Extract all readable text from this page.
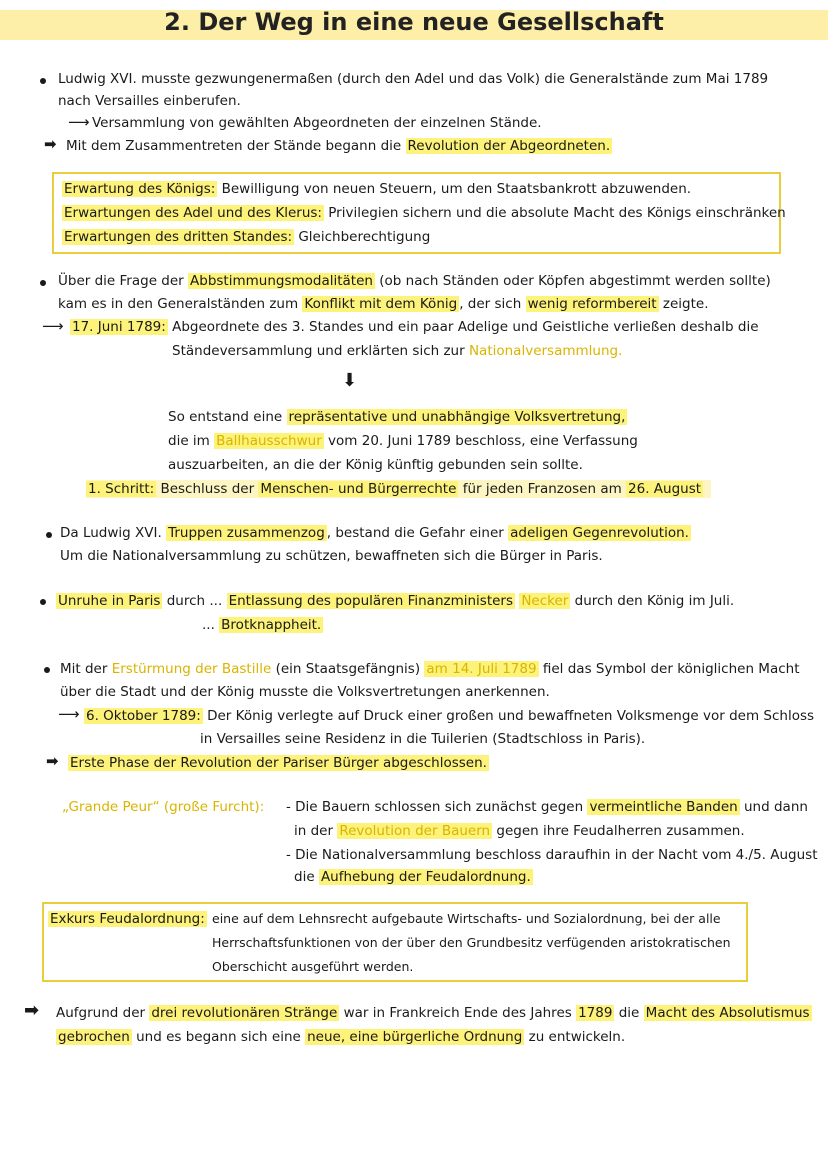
2. Der Weg in eine neue Gesellschaft
Ludwig XVI. musste gezwungenermaßen (durch den Adel und das Volk) die Generalstände zum Mai 1789
nach Versailles einberufen.
⟶ Versammlung von gewählten Abgeordneten der einzelnen Stände.
➡ Mit dem Zusammentreten der Stände begann die Revolution der Abgeordneten.
Erwartung des Königs: Bewilligung von neuen Steuern, um den Staatsbankrott abzuwenden.
Erwartungen des Adel und des Klerus: Privilegien sichern und die absolute Macht des Königs einschränken
Erwartungen des dritten Standes: Gleichberechtigung
Über die Frage der Abbstimmungsmodalitäten (ob nach Ständen oder Köpfen abgestimmt werden sollte)
kam es in den Generalständen zum Konflikt mit dem König , der sich wenig reformbereit zeigte.
⟶ 17. Juni 1789: Abgeordnete des 3. Standes und ein paar Adelige und Geistliche verließen deshalb die
Ständeversammlung und erklärten sich zur Nationalversammlung.
⬇
So entstand eine repräsentative und unabhängige Volksvertretung,
die im Ballhausschwur vom 20. Juni 1789 beschloss, eine Verfassung
auszuarbeiten, an die der König künftig gebunden sein sollte.
1. Schritt: Beschluss der Menschen- und Bürgerrechte für jeden Franzosen am 26. August
Da Ludwig XVI. Truppen zusammenzog , bestand die Gefahr einer adeligen Gegenrevolution.
Um die Nationalversammlung zu schützen, bewaffneten sich die Bürger in Paris.
Unruhe in Paris durch ... Entlassung des populären Finanzministers Necker durch den König im Juli.
... Brotknappheit.
Mit der Erstürmung der Bastille (ein Staatsgefängnis) am 14. Juli 1789 fiel das Symbol der königlichen Macht
über die Stadt und der König musste die Volksvertretungen anerkennen.
⟶ 6. Oktober 1789: Der König verlegte auf Druck einer großen und bewaffneten Volksmenge vor dem Schloss
in Versailles seine Residenz in die Tuilerien (Stadtschloss in Paris).
➡ Erste Phase der Revolution der Pariser Bürger abgeschlossen.
„Grande Peur“ (große Furcht): - Die Bauern schlossen sich zunächst gegen vermeintliche Banden und dann
in der Revolution der Bauern gegen ihre Feudalherren zusammen.
- Die Nationalversammlung beschloss daraufhin in der Nacht vom 4./5. August
die Aufhebung der Feudalordnung.
Exkurs Feudalordnung: eine auf dem Lehnsrecht aufgebaute Wirtschafts- und Sozialordnung, bei der alle
Herrschaftsfunktionen von der über den Grundbesitz verfügenden aristokratischen
Oberschicht ausgeführt werden.
➡ Aufgrund der drei revolutionären Stränge war in Frankreich Ende des Jahres 1789 die Macht des Absolutismus
gebrochen und es begann sich eine neue, eine bürgerliche Ordnung zu entwickeln.
